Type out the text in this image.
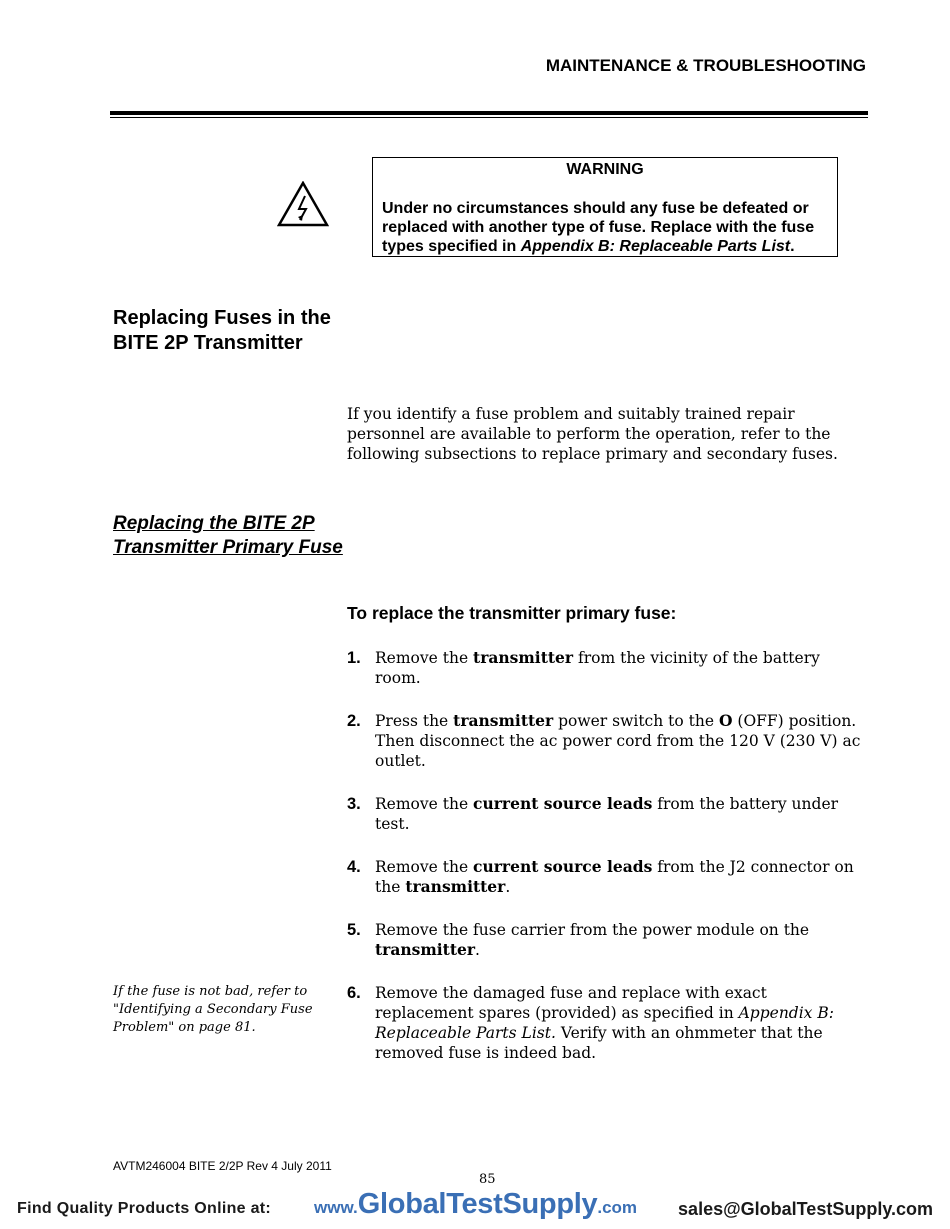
MAINTENANCE & TROUBLESHOOTING
WARNING
Under no circumstances should any fuse be defeated or replaced with another type of fuse. Replace with the fuse types specified in Appendix B: Replaceable Parts List.
Replacing Fuses in the BITE 2P Transmitter
If you identify a fuse problem and suitably trained repair personnel are available to perform the operation, refer to the following subsections to replace primary and secondary fuses.
Replacing the BITE 2P Transmitter Primary Fuse
To replace the transmitter primary fuse:
1. Remove the transmitter from the vicinity of the battery room.
2. Press the transmitter power switch to the O (OFF) position. Then disconnect the ac power cord from the 120 V (230 V) ac outlet.
3. Remove the current source leads from the battery under test.
4. Remove the current source leads from the J2 connector on the transmitter.
5. Remove the fuse carrier from the power module on the transmitter.
6. Remove the damaged fuse and replace with exact replacement spares (provided) as specified in Appendix B: Replaceable Parts List. Verify with an ohmmeter that the removed fuse is indeed bad.
If the fuse is not bad, refer to "Identifying a Secondary Fuse Problem" on page 81.
AVTM246004 BITE 2/2P Rev 4 July 2011
85
Find Quality Products Online at:	www.GlobalTestSupply.com sales@GlobalTestSupply.com
